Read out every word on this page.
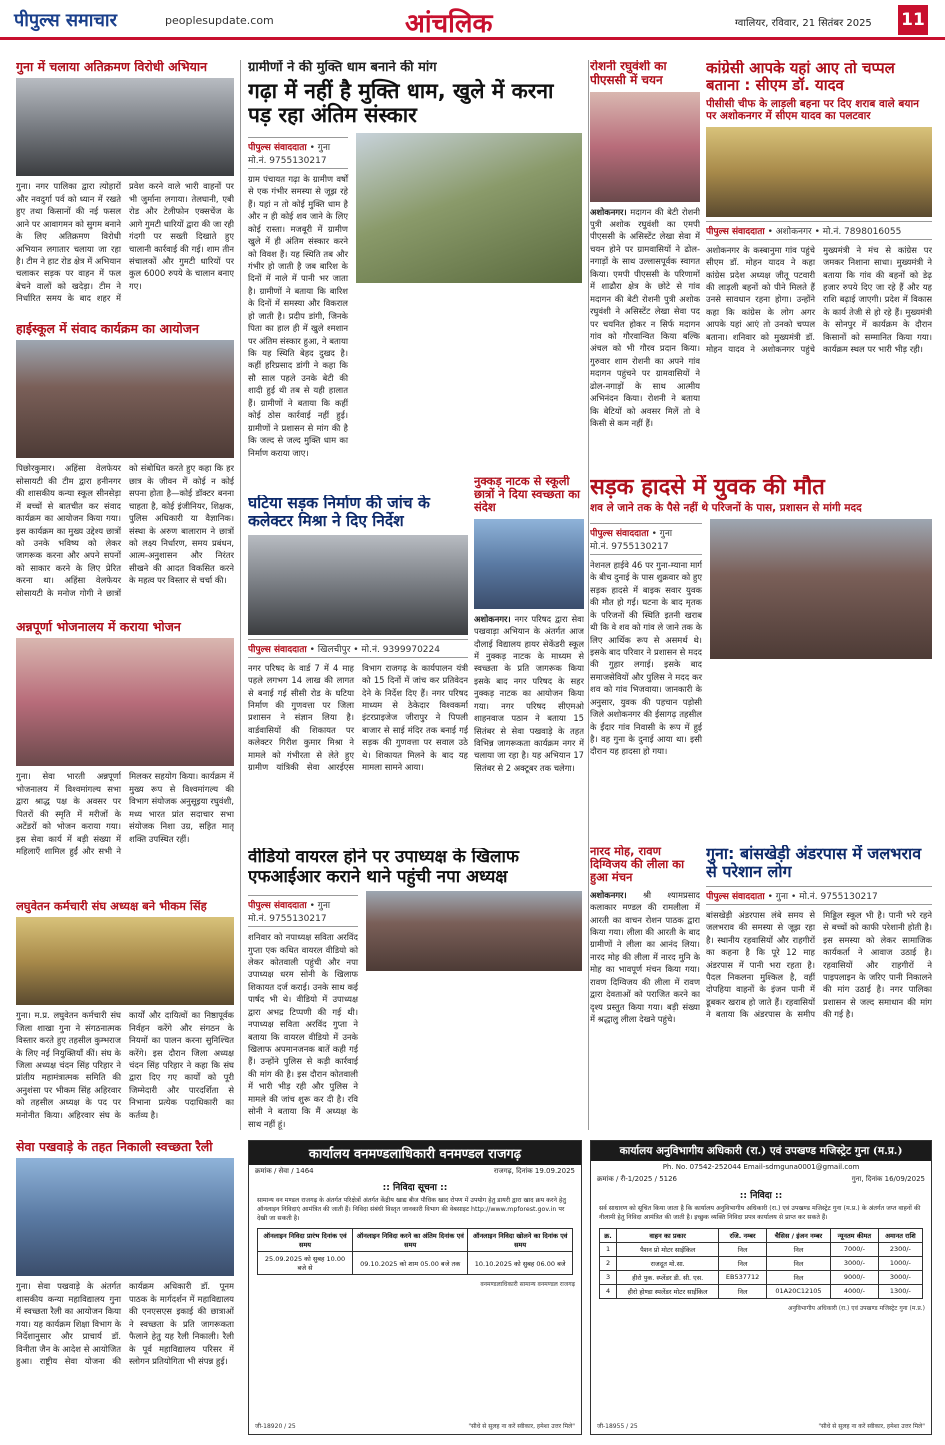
पीपुल्स समाचार	peoplesupdate.com	आंचलिक	ग्वालियर, रविवार, 21 सितंबर 2025 11
गुना में चलाया अतिक्रमण विरोधी अभियान
गुना। नगर पालिका द्वारा त्योहारों और नवदुर्गा पर्व को ध्यान में रखते हुए तथा किसानों की नई फसल आने पर आवागमन को सुगम बनाने के लिए अतिक्रमण विरोधी अभियान लगातार चलाया जा रहा है। टीम ने हाट रोड क्षेत्र में अभियान चलाकर सड़क पर वाहन में फल बेचने वालों को खदेड़ा। टीम ने निर्धारित समय के बाद शहर में प्रवेश करने वाले भारी वाहनों पर भी जुर्माना लगाया। तेलघानी, एबी रोड और टेलीफोन एक्सचेंज के आगे गुमटी धारियों द्वारा की जा रही गंदगी पर सख्ती दिखाते हुए चालानी कार्रवाई की गई। शाम तीन संचालकों और गुमटी धारियों पर कुल 6000 रुपये के चालान बनाए गए।
हाईस्कूल में संवाद कार्यक्रम का आयोजन
पिछोरकुमार। अहिंसा वेलफेयर सोसायटी की टीम द्वारा हनीनगर की शासकीय कन्या स्कूल सीनसेड़ा में बच्चों से बातचीत कर संवाद कार्यक्रम का आयोजन किया गया। इस कार्यक्रम का मुख्य उद्देश्य छात्रों को उनके भविष्य को लेकर जागरूक करना और अपने सपनों को साकार करने के लिए प्रेरित करना था। अहिंसा वेलफेयर सोसायटी के मनोज गोगी ने छात्रों को संबोधित करते हुए कहा कि हर छात्र के जीवन में कोई न कोई सपना होता है—कोई डॉक्टर बनना चाहता है, कोई इंजीनियर, शिक्षक, पुलिस अधिकारी या वैज्ञानिक। संस्था के अरुण बालाराम ने छात्रों को लक्ष्य निर्धारण, समय प्रबंधन, आत्म-अनुशासन और निरंतर सीखने की आदत विकसित करने के महत्व पर विस्तार से चर्चा की।
अन्नपूर्णा भोजनालय में कराया भोजन
गुना। सेवा भारती अन्नपूर्णा भोजनालय में विश्वमांगल्य सभा द्वारा श्राद्ध पक्ष के अवसर पर पितरों की स्मृति में मरीजों के अटेंडरों को भोजन कराया गया। इस सेवा कार्य में बड़ी संख्या में महिलाएँ शामिल हुईं और सभी ने मिलकर सहयोग किया। कार्यक्रम में मुख्य रूप से विश्वमांगल्य की विभाग संयोजक अनुसूइया रघुवंशी, मध्य भारत प्रांत सदाचार सभा संयोजक निशा उग्र, सहित मातृ शक्ति उपस्थित रहीं।
लघुवेतन कर्मचारी संघ अध्यक्ष बने भीकम सिंह
गुना। म.प्र. लघुवेतन कर्मचारी संघ जिला शाखा गुना ने संगठनात्मक विस्तार करते हुए तहसील कुम्भराज के लिए नई नियुक्तियाँ कीं। संघ के जिला अध्यक्ष चंदन सिंह परिहार ने प्रांतीय महामंत्रात्मक समिति की अनुशंसा पर भीकम सिंह अहिरवार को तहसील अध्यक्ष के पद पर मनोनीत किया। अहिरवार संघ के कार्यों और दायित्वों का निष्ठापूर्वक निर्वहन करेंगे और संगठन के नियमों का पालन करना सुनिश्चित करेंगे। इस दौरान जिला अध्यक्ष चंदन सिंह परिहार ने कहा कि संघ द्वारा दिए गए कार्यों को पूरी जिम्मेदारी और पारदर्शिता से निभाना प्रत्येक पदाधिकारी का कर्तव्य है।
सेवा पखवाड़े के तहत निकाली स्वच्छता रैली
गुना। सेवा पखवाड़े के अंतर्गत शासकीय कन्या महाविद्यालय गुना में स्वच्छता रैली का आयोजन किया गया। यह कार्यक्रम शिक्षा विभाग के निर्देशानुसार और प्राचार्य डॉ. विनीता जैन के आदेश से आयोजित हुआ। राष्ट्रीय सेवा योजना की कार्यक्रम अधिकारी डॉ. पूनम पाठक के मार्गदर्शन में महाविद्यालय की एनएसएस इकाई की छात्राओं ने स्वच्छता के प्रति जागरूकता फैलाने हेतु यह रैली निकाली। रैली के पूर्व महाविद्यालय परिसर में स्लोगन प्रतियोगिता भी संपन्न हुई।
ग्रामीणों ने की मुक्ति धाम बनाने की मांग
गढ़ा में नहीं है मुक्ति धाम, खुले में करना पड़ रहा अंतिम संस्कार
पीपुल्स संवाददाता • गुना
मो.नं. 9755130217
ग्राम पंचायत गढ़ा के ग्रामीण वर्षों से एक गंभीर समस्या से जूझ रहे हैं। यहां न तो कोई मुक्ति धाम है और न ही कोई शव जाने के लिए कोई रास्ता। मजबूरी में ग्रामीण खुले में ही अंतिम संस्कार करने को विवश हैं। यह स्थिति तब और गंभीर हो जाती है जब बारिश के दिनों में नाले में पानी भर जाता है। ग्रामीणों ने बताया कि बारिश के दिनों में समस्या और विकराल हो जाती है। प्रदीप डांगी, जिनके पिता का हाल ही में खुले श्मशान पर अंतिम संस्कार हुआ, ने बताया कि यह स्थिति बेहद दुखद है। कहीं हरिप्रसाद डांगी ने कहा कि सौ साल पहले उनके बेटी की शादी हुई थी तब से यही हालात हैं। ग्रामीणों ने बताया कि कहीं कोई ठोस कार्रवाई नहीं हुई। ग्रामीणों ने प्रशासन से मांग की है कि जल्द से जल्द मुक्ति धाम का निर्माण कराया जाए।
रोशनी रघुवंशी का पीएससी में चयन
अशोकनगर। मदागन की बेटी रोशनी पुत्री अशोक रघुवंशी का एमपी पीएससी के असिस्टेंट लेखा सेवा में चयन होने पर ग्रामवासियों ने ढोल-नगाड़ों के साथ उल्लासपूर्वक स्वागत किया। एमपी पीएससी के परिणामों में शाढौरा क्षेत्र के छोटे से गांव मदागन की बेटी रोशनी पुत्री अशोक रघुवंशी ने असिस्टेंट लेखा सेवा पद पर चयनित होकर न सिर्फ मदागन गांव को गौरवान्वित किया बल्कि अंचल को भी गौरव प्रदान किया। गुरुवार शाम रोशनी का अपने गांव मदागन पहुंचने पर ग्रामवासियों ने ढोल-नगाड़ों के साथ आत्मीय अभिनंदन किया। रोशनी ने बताया कि बेटियों को अवसर मिलें तो वे किसी से कम नहीं हैं।
कांग्रेसी आपके यहां आए तो चप्पल बताना : सीएम डॉ. यादव
पीसीसी चीफ के लाड़ली बहना पर दिए शराब वाले बयान पर अशोकनगर में सीएम यादव का पलटवार
पीपुल्स संवाददाता • अशोकनगर • मो.नं. 7898016055
अशोकनगर के कस्बानुमा गांव पहुंचे सीएम डॉ. मोहन यादव ने कहा कांग्रेस प्रदेश अध्यक्ष जीतू पटवारी की लाड़ली बहनों को पीने मिलते हैं उनसे सावधान रहना होगा। उन्होंने कहा कि कांग्रेस के लोग अगर आपके यहां आएं तो उनको चप्पल बताना। शनिवार को मुख्यमंत्री डॉ. मोहन यादव ने अशोकनगर पहुंचे मुख्यमंत्री ने मंच से कांग्रेस पर जमकर निशाना साधा। मुख्यमंत्री ने बताया कि गांव की बहनों को डेढ़ हजार रुपये दिए जा रहे हैं और यह राशि बढ़ाई जाएगी। प्रदेश में विकास के कार्य तेजी से हो रहे हैं। मुख्यमंत्री के सोनपुर में कार्यक्रम के दौरान किसानों को सम्मानित किया गया। कार्यक्रम स्थल पर भारी भीड़ रही।
घटिया सड़क निर्माण की जांच के कलेक्टर मिश्रा ने दिए निर्देश
पीपुल्स संवाददाता • खिलचीपुर • मो.नं. 9399970224
नगर परिषद के वार्ड 7 में 4 माह पहले लगभग 14 लाख की लागत से बनाई गई सीसी रोड के घटिया निर्माण की गुणवत्ता पर जिला प्रशासन ने संज्ञान लिया है। वार्डवासियों की शिकायत पर कलेक्टर गिरीश कुमार मिश्रा ने मामले को गंभीरता से लेते हुए ग्रामीण यांत्रिकी सेवा आरईएस विभाग राजगढ़ के कार्यपालन यंत्री को 15 दिनों में जांच कर प्रतिवेदन देने के निर्देश दिए हैं। नगर परिषद माध्यम से ठेकेदार विश्वकर्मा इंटरप्राइजेज जीरापुर ने पिपली बाजार से साई मंदिर तक बनाई गई सड़क की गुणवत्ता पर सवाल उठे थे। शिकायत मिलने के बाद यह मामला सामने आया।
नुक्कड़ नाटक से स्कूली छात्रों ने दिया स्वच्छता का संदेश
अशोकनगर। नगर परिषद द्वारा सेवा पखवाड़ा अभियान के अंतर्गत आज दौलाई विद्यालय हायर सेकेंडरी स्कूल में नुक्कड़ नाटक के माध्यम से स्वच्छता के प्रति जागरूक किया इसके बाद नगर परिषद के सहर नुक्कड़ नाटक का आयोजन किया गया। नगर परिषद सीएमओ शाहनवाज पठान ने बताया 15 सितंबर से सेवा पखवाड़े के तहत विभिन्न जागरूकता कार्यक्रम नगर में चलाया जा रहा है। यह अभियान 17 सितंबर से 2 अक्टूबर तक चलेगा।
सड़क हादसे में युवक की मौत
शव ले जाने तक के पैसे नहीं थे परिजनों के पास, प्रशासन से मांगी मदद
पीपुल्स संवाददाता • गुना
मो.नं. 9755130217
नेशनल हाईवे 46 पर गुना-म्याना मार्ग के बीच दुनाई के पास शुक्रवार को हुए सड़क हादसे में बाइक सवार युवक की मौत हो गई। घटना के बाद मृतक के परिजनों की स्थिति इतनी खराब थी कि वे शव को गांव ले जाने तक के लिए आर्थिक रूप से असमर्थ थे। इसके बाद परिवार ने प्रशासन से मदद की गुहार लगाई। इसके बाद समाजसेवियों और पुलिस ने मदद कर शव को गांव भिजवाया। जानकारी के अनुसार, युवक की पहचान पड़ोसी जिले अशोकनगर की ईसागढ़ तहसील के ईंदार गांव निवासी के रूप में हुई है। वह गुना के दुनाई आया था। इसी दौरान यह हादसा हो गया।
नारद मोह, रावण दिग्विजय की लीला का हुआ मंचन
अशोकनगर। श्री श्यामप्रसाद कलाकार मण्डल की रामलीला में आरती का वाचन रोशन पाठक द्वारा किया गया। लीला की आरती के बाद ग्रामीणों ने लीला का आनंद लिया। नारद मोह की लीला में नारद मुनि के मोह का भावपूर्ण मंचन किया गया। रावण दिग्विजय की लीला में रावण द्वारा देवताओं को पराजित करने का दृश्य प्रस्तुत किया गया। बड़ी संख्या में श्रद्धालु लीला देखने पहुंचे।
वीडियो वायरल होने पर उपाध्यक्ष के खिलाफ एफआईआर कराने थाने पहुंची नपा अध्यक्ष
पीपुल्स संवाददाता • गुना
मो.नं. 9755130217
शनिवार को नपाध्यक्ष सविता अरविंद गुप्ता एक कथित वायरल वीडियो को लेकर कोतवाली पहुंची और नपा उपाध्यक्ष धरम सोनी के खिलाफ शिकायत दर्ज कराई। उनके साथ कई पार्षद भी थे। वीडियो में उपाध्यक्ष द्वारा अभद्र टिप्पणी की गई थी। नपाध्यक्ष सविता अरविंद गुप्ता ने बताया कि वायरल वीडियो में उनके खिलाफ अपमानजनक बातें कही गई हैं। उन्होंने पुलिस से कड़ी कार्रवाई की मांग की है। इस दौरान कोतवाली में भारी भीड़ रही और पुलिस ने मामले की जांच शुरू कर दी है। रवि सोनी ने बताया कि मैं अध्यक्ष के साथ नहीं हूं।
गुना: बांसखेड़ी अंडरपास में जलभराव से परेशान लोग
पीपुल्स संवाददाता • गुना • मो.नं. 9755130217
बांसखेड़ी अंडरपास लंबे समय से जलभराव की समस्या से जूझ रहा है। स्थानीय रहवासियों और राहगीरों का कहना है कि पूरे 12 माह अंडरपास में पानी भरा रहता है। पैदल निकलना मुश्किल है, वहीं दोपहिया वाहनों के इंजन पानी में डूबकर खराब हो जाते हैं। रहवासियों ने बताया कि अंडरपास के समीप मिड्डिल स्कूल भी है। पानी भरे रहने से बच्चों को काफी परेशानी होती है। इस समस्या को लेकर सामाजिक कार्यकर्ता ने आवाज उठाई है। रहवासियों और राहगीरों ने पाइपलाइन के जरिए पानी निकालने की मांग उठाई है। नगर पालिका प्रशासन से जल्द समाधान की मांग की गई है।
कार्यालय वनमण्डलाधिकारी वनमण्डल राजगढ़
क्रमांक / सेवा / 1464	राजगढ़, दिनांक 19.09.2025
:: निविदा सूचना ::
सामान्य वन मण्डल राजगढ़ के अंतर्गत परिक्षेत्रों अंतर्गत केंद्रीय खाद्य बीज पौधिक खाद रोपण में उपयोग हेतु डायरी द्वारा खाद क्रय करने हेतु ऑनलाइन निविदाएं आमंत्रित की जाती हैं। निविदा संबंधी विस्तृत जानकारी विभाग की वेबसाइट http://www.mpforest.gov.in पर देखी जा सकती है।
ऑनलाइन निविदा प्रारंभ दिनांक एवं समय	ऑनलाइन निविदा करने का अंतिम दिनांक एवं समय	ऑनलाइन निविदा खोलने का दिनांक एवं समय
25.09.2025 को सुबह 10.00 बजे से	09.10.2025 को शाम 05.00 बजे तक	10.10.2025 को सुबह 06.00 बजे
वनमण्डलाधिकारी सामान्य वनमण्डल राजगढ़
जी-18920 / 25	"सीधे से सुलह ना करें स्वीकार, हमेशा उत्तर मिले"
कार्यालय अनुविभागीय अधिकारी (रा.) एवं उपखण्ड मजिस्ट्रेट गुना (म.प्र.)
Ph. No. 07542-252044 Email-sdmguna0001@gmail.com
क्रमांक / री-1/2025 / 5126	गुना, दिनांक 16/09/2025
:: निविदा ::
सर्व साधारण को सूचित किया जाता है कि कार्यालय अनुविभागीय अधिकारी (रा.) एवं उपखण्ड मजिस्ट्रेट गुना (म.प्र.) के अंतर्गत जप्त वाहनों की नीलामी हेतु निविदा आमंत्रित की जाती है। इच्छुक व्यक्ति निविदा प्रपत्र कार्यालय से प्राप्त कर सकते हैं।
क्र.	वाहन का प्रकार	रजि. नम्बर	चैसिस / इंजन नम्बर	न्यूनतम कीमत	अमानत राशि
1	पैशन प्रो मोटर साईकिल	निल	निल	7000/-	2300/-
2	राजदूत मो.सा.	निल	निल	3000/-	1000/-
3	हीरो पुक. स्प्लेंडर डी. सी. एस.	EB537712	निल	9000/-	3000/-
4	हीरो होण्डा स्पलेंडर मोटर साईकिल	निल	01A20C12105	4000/-	1300/-
अनुविभागीय अधिकारी (रा.) एवं उपखण्ड मजिस्ट्रेट गुना (म.प्र.)
जी-18955 / 25	"सीधे से सुलह ना करें स्वीकार, हमेशा उत्तर मिले"
